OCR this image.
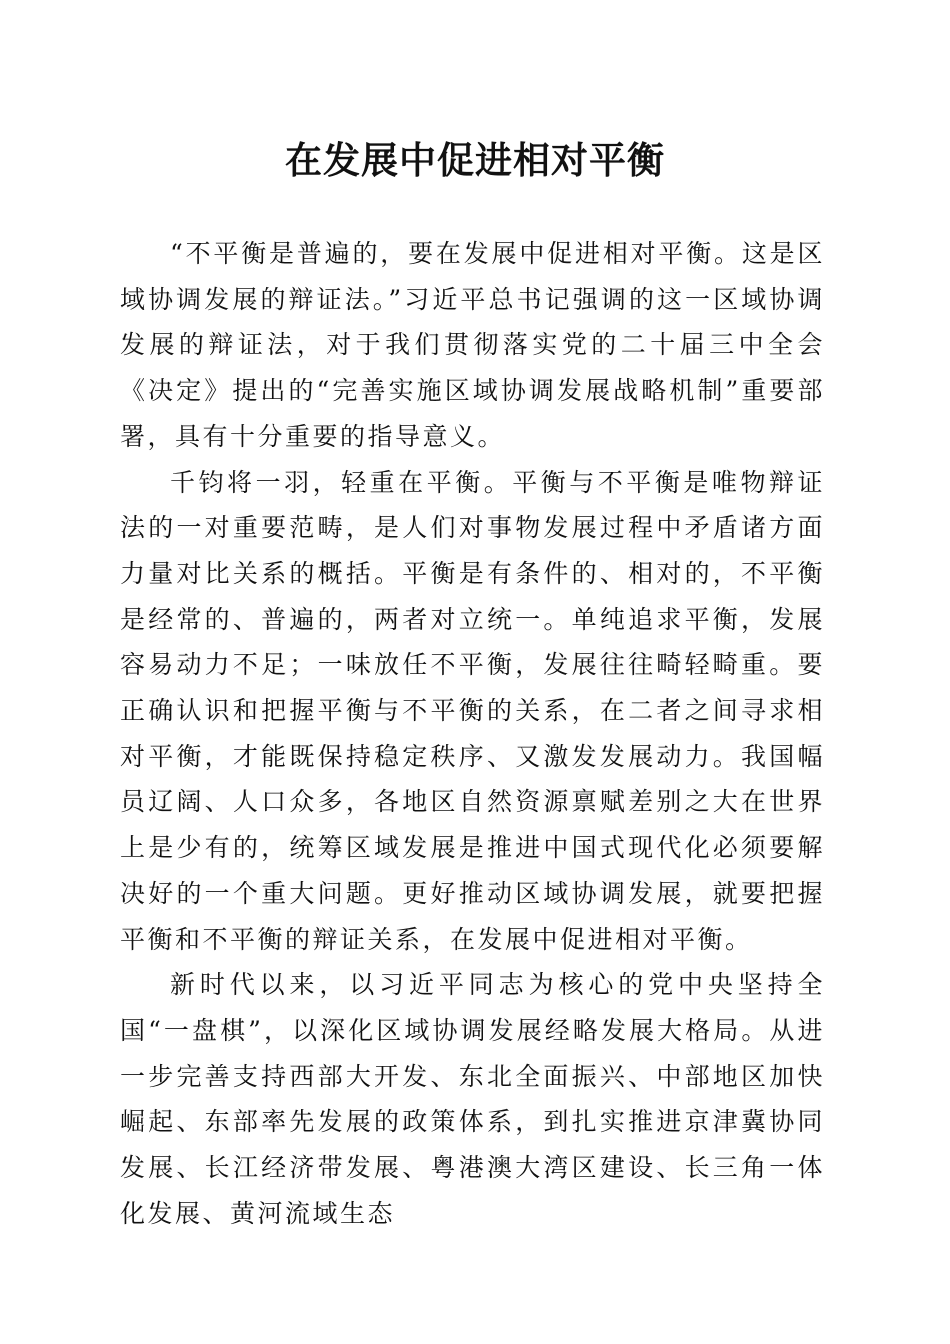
在发展中促进相对平衡

“不平衡是普遍的，要在发展中促进相对平衡。这是区域协调发展的辩证法。”习近平总书记强调的这一区域协调发展的辩证法，对于我们贯彻落实党的二十届三中全会《决定》提出的“完善实施区域协调发展战略机制”重要部署，具有十分重要的指导意义。

千钧将一羽，轻重在平衡。平衡与不平衡是唯物辩证法的一对重要范畴，是人们对事物发展过程中矛盾诸方面力量对比关系的概括。平衡是有条件的、相对的，不平衡是经常的、普遍的，两者对立统一。单纯追求平衡，发展容易动力不足；一味放任不平衡，发展往往畸轻畸重。要正确认识和把握平衡与不平衡的关系，在二者之间寻求相对平衡，才能既保持稳定秩序、又激发发展动力。我国幅员辽阔、人口众多，各地区自然资源禀赋差别之大在世界上是少有的，统筹区域发展是推进中国式现代化必须要解决好的一个重大问题。更好推动区域协调发展，就要把握平衡和不平衡的辩证关系，在发展中促进相对平衡。

新时代以来，以习近平同志为核心的党中央坚持全国“一盘棋”，以深化区域协调发展经略发展大格局。从进一步完善支持西部大开发、东北全面振兴、中部地区加快崛起、东部率先发展的政策体系，到扎实推进京津冀协同发展、长江经济带发展、粤港澳大湾区建设、长三角一体化发展、黄河流域生态
